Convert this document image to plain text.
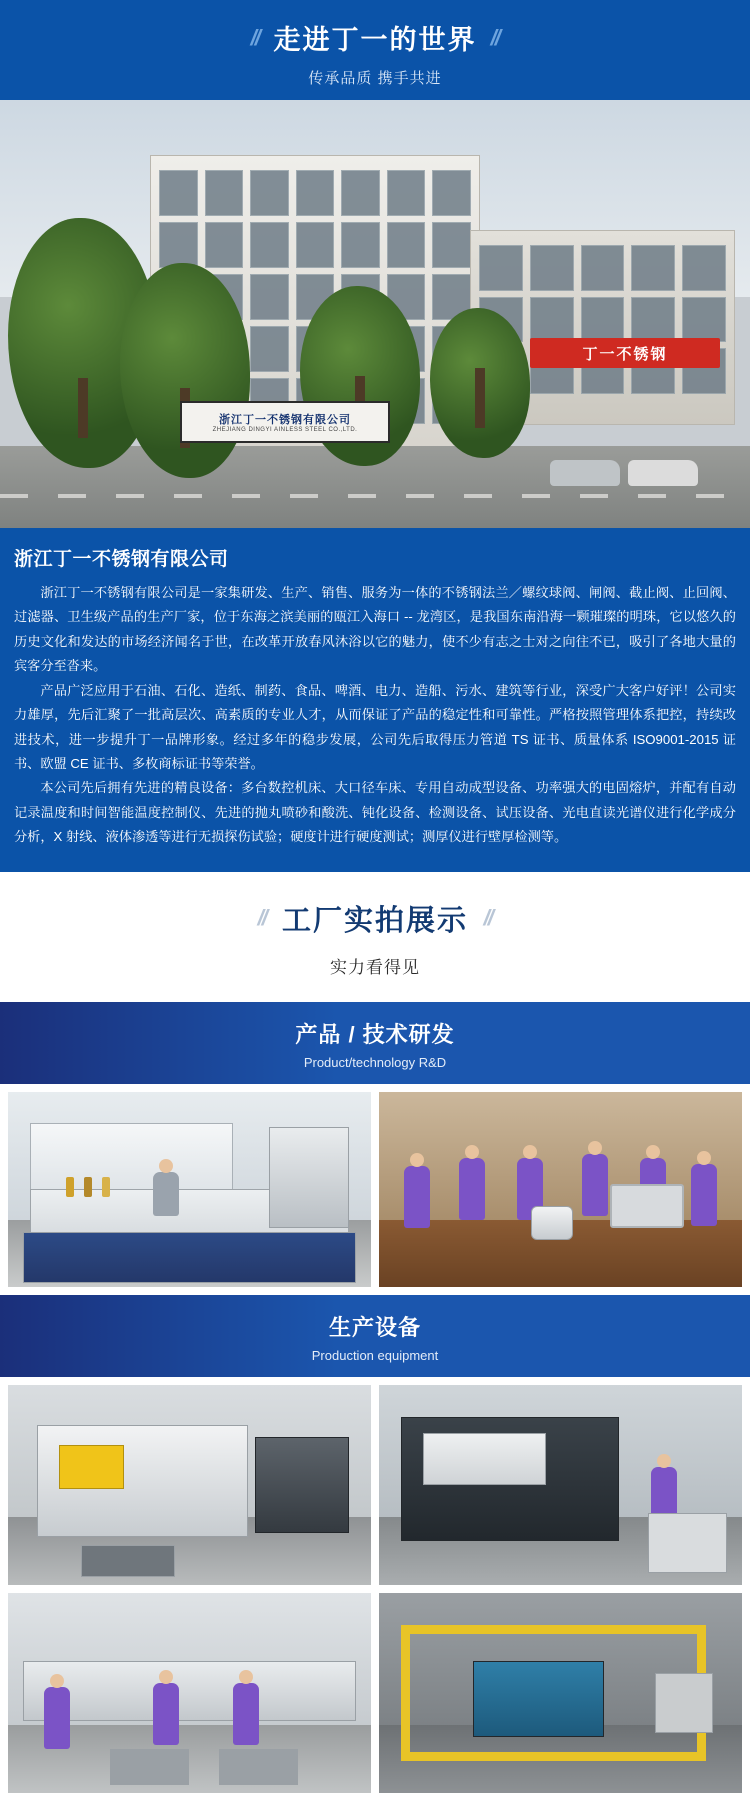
// 走进丁一的世界 //
传承品质 携手共进
丁一不锈钢
浙江丁一不锈钢有限公司
ZHEJIANG DINGYI AINLESS STEEL CO.,LTD.
浙江丁一不锈钢有限公司

浙江丁一不锈钢有限公司是一家集研发、生产、销售、服务为一体的不锈钢法兰／螺纹球阀、闸阀、截止阀、止回阀、过滤器、卫生级产品的生产厂家，位于东海之滨美丽的瓯江入海口 -- 龙湾区，是我国东南沿海一颗璀璨的明珠，它以悠久的历史文化和发达的市场经济闻名于世，在改革开放春风沐浴以它的魅力，使不少有志之士对之向往不已，吸引了各地大量的宾客分至沓来。

产品广泛应用于石油、石化、造纸、制药、食品、啤酒、电力、造船、污水、建筑等行业，深受广大客户好评！公司实力雄厚，先后汇聚了一批高层次、高素质的专业人才，从而保证了产品的稳定性和可靠性。严格按照管理体系把控，持续改进技术，进一步提升丁一品牌形象。经过多年的稳步发展，公司先后取得压力管道 TS 证书、质量体系 ISO9001-2015 证书、欧盟 CE 证书、多枚商标证书等荣誉。

本公司先后拥有先进的精良设备：多台数控机床、大口径车床、专用自动成型设备、功率强大的电固熔炉，并配有自动记录温度和时间智能温度控制仪、先进的抛丸喷砂和酸洗、钝化设备、检测设备、试压设备、光电直读光谱仪进行化学成分分析，X 射线、液体渗透等进行无损探伤试验；硬度计进行硬度测试；测厚仪进行壁厚检测等。

// 工厂实拍展示 //
实力看得见
产品 / 技术研发
Product/technology R&D
生产设备
Production equipment
